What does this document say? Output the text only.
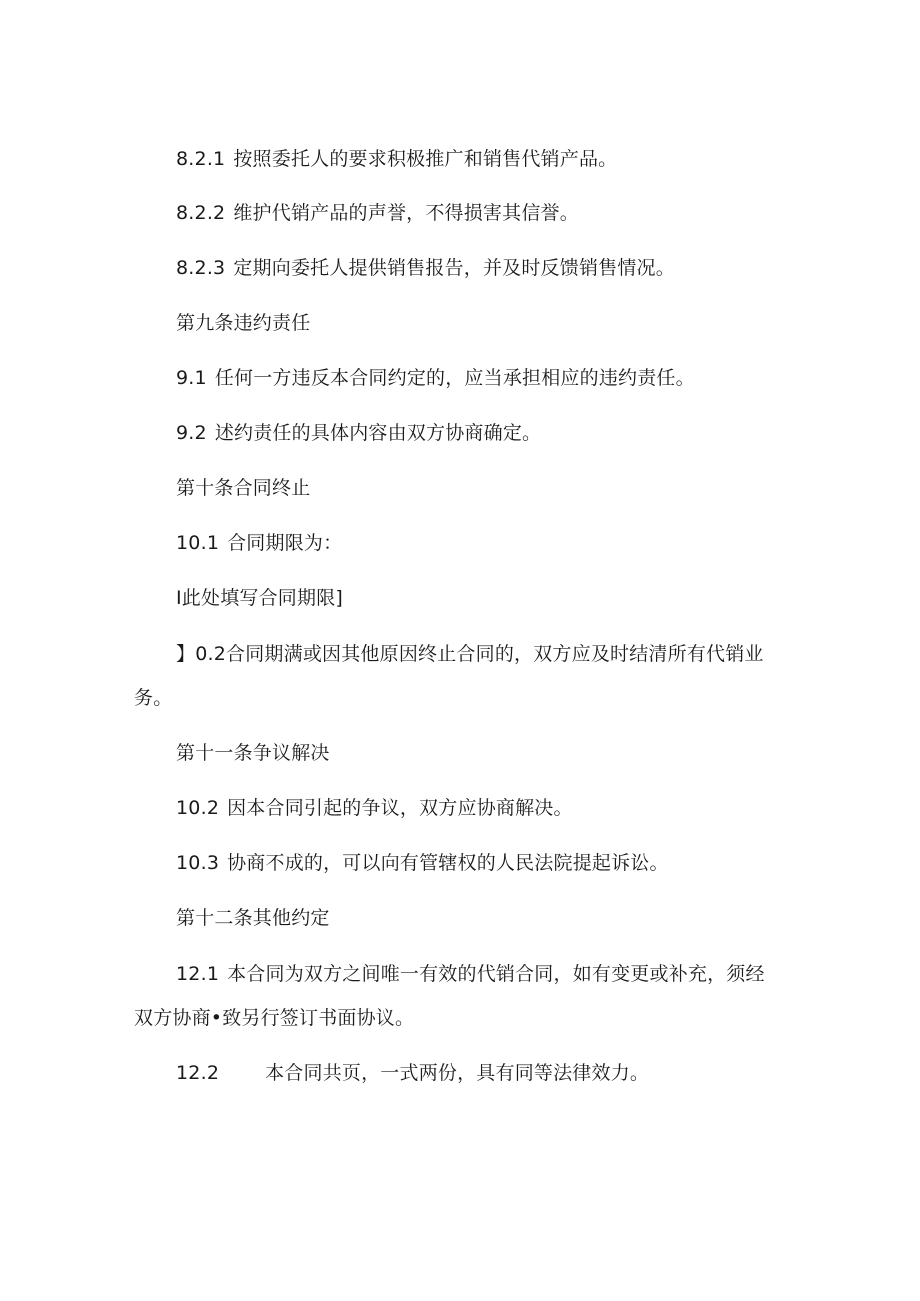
8.2.1 按照委托人的要求积极推广和销售代销产品。
8.2.2 维护代销产品的声誉，不得损害其信誉。
8.2.3 定期向委托人提供销售报告，并及时反馈销售情况。
第九条违约责任
9.1 任何一方违反本合同约定的，应当承担相应的违约责任。
9.2 述约责任的具体内容由双方协商确定。
第十条合同终止
10.1 合同期限为：
I此处填写合同期限]
】0.2合同期满或因其他原因终止合同的，双方应及时结清所有代销业
务。
第十一条争议解决
10.2 因本合同引起的争议，双方应协商解决。
10.3 协商不成的，可以向有管辖权的人民法院提起诉讼。
第十二条其他约定
12.1 本合同为双方之间唯一有效的代销合同，如有变更或补充，须经
双方协商•致另行签订书面协议。
12.2 本合同共页，一式两份，具有同等法律效力。
